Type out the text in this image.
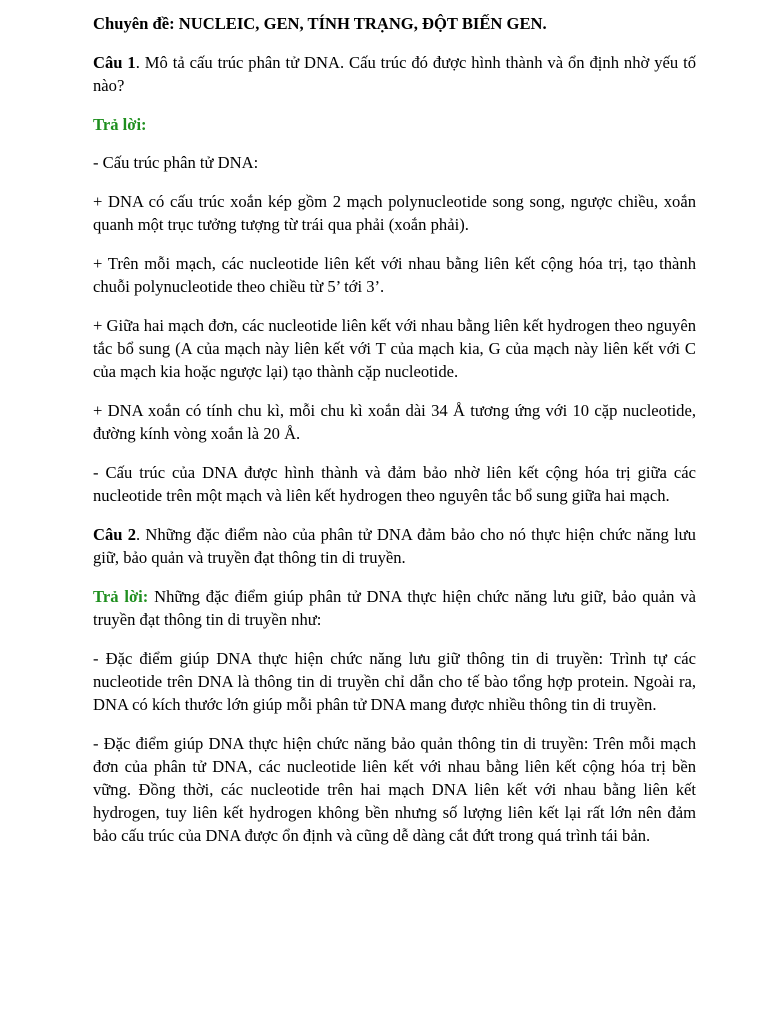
Chuyên đề: NUCLEIC, GEN, TÍNH TRẠNG, ĐỘT BIẾN GEN.

Câu 1. Mô tả cấu trúc phân tử DNA. Cấu trúc đó được hình thành và ổn định nhờ yếu tố nào?

Trả lời:

- Cấu trúc phân tử DNA:

+ DNA có cấu trúc xoắn kép gồm 2 mạch polynucleotide song song, ngược chiều, xoắn quanh một trục tưởng tượng từ trái qua phải (xoắn phải).

+ Trên mỗi mạch, các nucleotide liên kết với nhau bằng liên kết cộng hóa trị, tạo thành chuỗi polynucleotide theo chiều từ 5’ tới 3’.

+ Giữa hai mạch đơn, các nucleotide liên kết với nhau bằng liên kết hydrogen theo nguyên tắc bổ sung (A của mạch này liên kết với T của mạch kia, G của mạch này liên kết với C của mạch kia hoặc ngược lại) tạo thành cặp nucleotide.

+ DNA xoắn có tính chu kì, mỗi chu kì xoắn dài 34 Å tương ứng với 10 cặp nucleotide, đường kính vòng xoắn là 20 Å.

- Cấu trúc của DNA được hình thành và đảm bảo nhờ liên kết cộng hóa trị giữa các nucleotide trên một mạch và liên kết hydrogen theo nguyên tắc bổ sung giữa hai mạch.

Câu 2. Những đặc điểm nào của phân tử DNA đảm bảo cho nó thực hiện chức năng lưu giữ, bảo quản và truyền đạt thông tin di truyền.

Trả lời: Những đặc điểm giúp phân tử DNA thực hiện chức năng lưu giữ, bảo quản và truyền đạt thông tin di truyền như:

- Đặc điểm giúp DNA thực hiện chức năng lưu giữ thông tin di truyền: Trình tự các nucleotide trên DNA là thông tin di truyền chỉ dẫn cho tế bào tổng hợp protein. Ngoài ra, DNA có kích thước lớn giúp mỗi phân tử DNA mang được nhiều thông tin di truyền.

- Đặc điểm giúp DNA thực hiện chức năng bảo quản thông tin di truyền: Trên mỗi mạch đơn của phân tử DNA, các nucleotide liên kết với nhau bằng liên kết cộng hóa trị bền vững. Đồng thời, các nucleotide trên hai mạch DNA liên kết với nhau bằng liên kết hydrogen, tuy liên kết hydrogen không bền nhưng số lượng liên kết lại rất lớn nên đảm bảo cấu trúc của DNA được ổn định và cũng dễ dàng cắt đứt trong quá trình tái bản.
